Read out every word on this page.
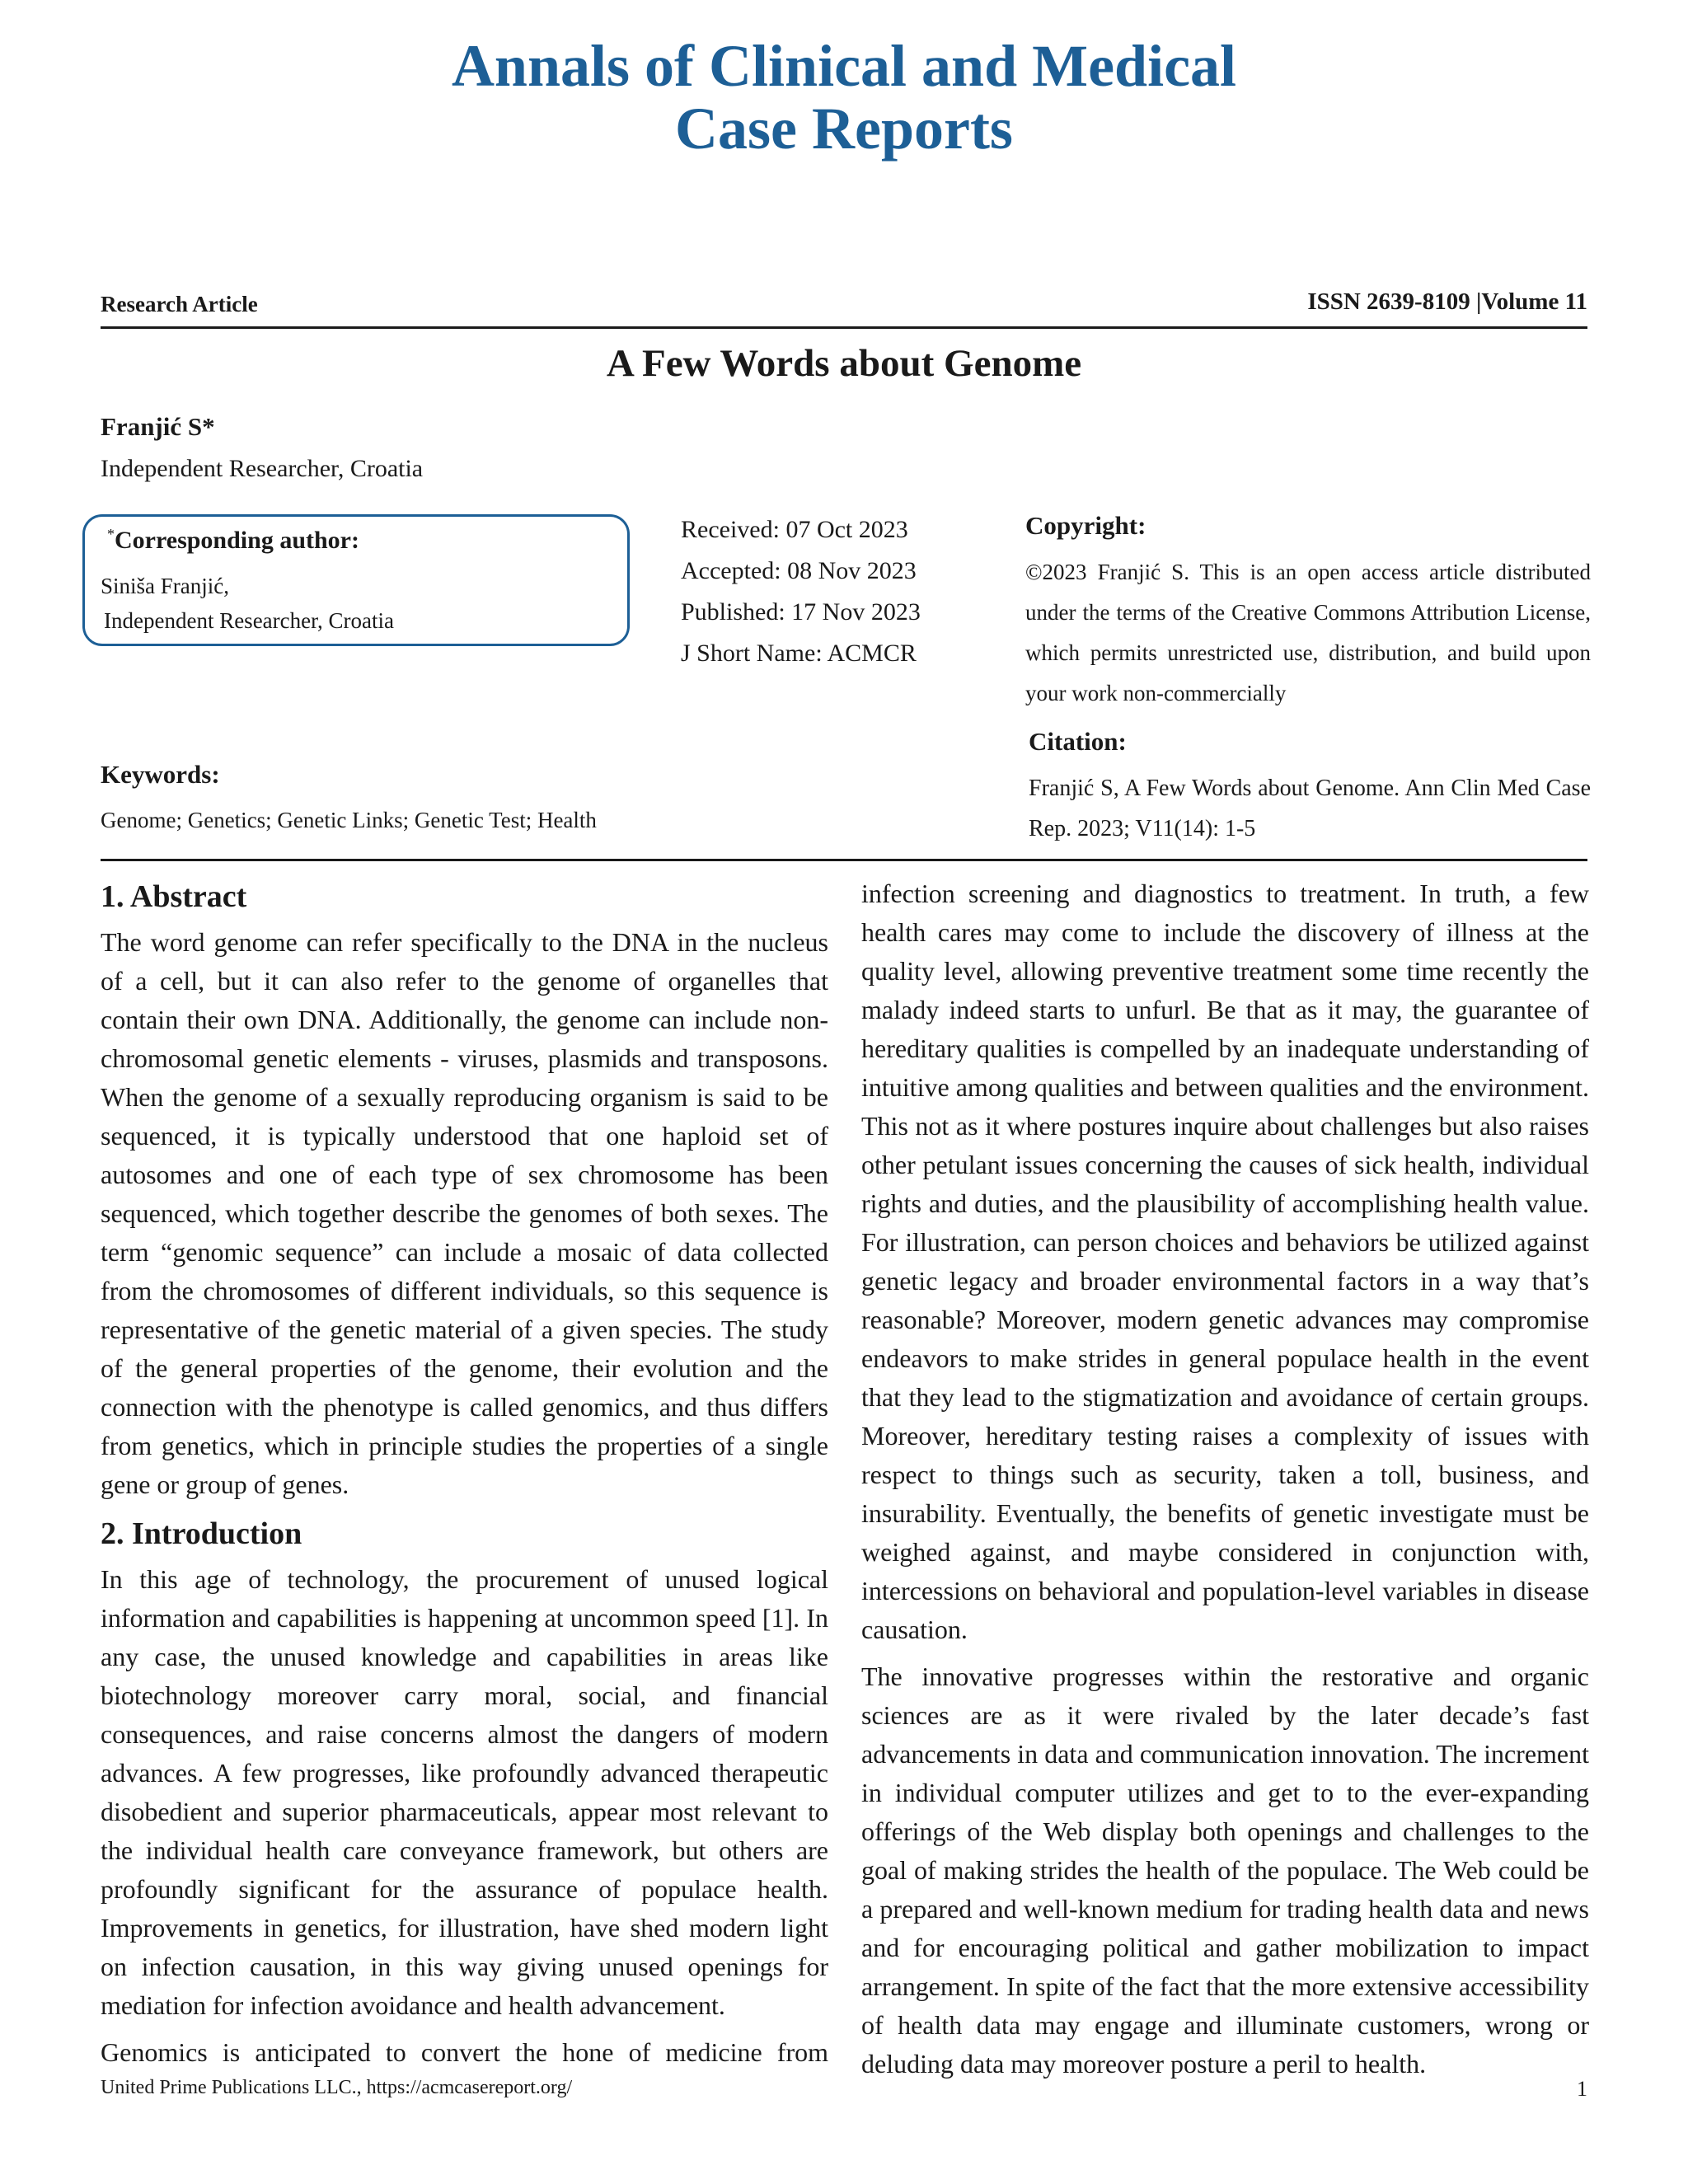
Annals of Clinical and Medical
Case Reports
Research Article	ISSN 2639-8109 |Volume 11
A Few Words about Genome
Franjić S*
Independent Researcher, Croatia
*Corresponding author:
Siniša Franjić,
Independent Researcher, Croatia
Received: 07 Oct 2023
Accepted: 08 Nov 2023
Published: 17 Nov 2023
J Short Name: ACMCR
Copyright:
©2023 Franjić S. This is an open access article distributed under the terms of the Creative Commons Attribution License, which permits unrestricted use, distribution, and build upon your work non-commercially
Citation:
Franjić S, A Few Words about Genome. Ann Clin Med Case Rep. 2023; V11(14): 1-5
Keywords:
Genome; Genetics; Genetic Links; Genetic Test; Health
1. Abstract

The word genome can refer specifically to the DNA in the nucleus of a cell, but it can also refer to the genome of organelles that contain their own DNA. Additionally, the genome can include non-chromosomal genetic elements - viruses, plasmids and transposons. When the genome of a sexually reproducing organism is said to be sequenced, it is typically understood that one haploid set of autosomes and one of each type of sex chromosome has been sequenced, which together describe the genomes of both sexes. The term “genomic sequence” can include a mosaic of data collected from the chromosomes of different individuals, so this sequence is representative of the genetic material of a given species. The study of the general properties of the genome, their evolution and the connection with the phenotype is called genomics, and thus differs from genetics, which in principle studies the properties of a single gene or group of genes.

2. Introduction

In this age of technology, the procurement of unused logical information and capabilities is happening at uncommon speed [1]. In any case, the unused knowledge and capabilities in areas like biotechnology moreover carry moral, social, and financial consequences, and raise concerns almost the dangers of modern advances. A few progresses, like profoundly advanced therapeutic disobedient and superior pharmaceuticals, appear most relevant to the individual health care conveyance framework, but others are profoundly significant for the assurance of populace health. Improvements in genetics, for illustration, have shed modern light on infection causation, in this way giving unused openings for mediation for infection avoidance and health advancement.

Genomics is anticipated to convert the hone of medicine from

infection screening and diagnostics to treatment. In truth, a few health cares may come to include the discovery of illness at the quality level, allowing preventive treatment some time recently the malady indeed starts to unfurl. Be that as it may, the guarantee of hereditary qualities is compelled by an inadequate understanding of intuitive among qualities and between qualities and the environment. This not as it where postures inquire about challenges but also raises other petulant issues concerning the causes of sick health, individual rights and duties, and the plausibility of accomplishing health value. For illustration, can person choices and behaviors be utilized against genetic legacy and broader environmental factors in a way that’s reasonable? Moreover, modern genetic advances may compromise endeavors to make strides in general populace health in the event that they lead to the stigmatization and avoidance of certain groups. Moreover, hereditary testing raises a complexity of issues with respect to things such as security, taken a toll, business, and insurability. Eventually, the benefits of genetic investigate must be weighed against, and maybe considered in conjunction with, intercessions on behavioral and population-level variables in disease causation.

The innovative progresses within the restorative and organic sciences are as it were rivaled by the later decade’s fast advancements in data and communication innovation. The increment in individual computer utilizes and get to to the ever-expanding offerings of the Web display both openings and challenges to the goal of making strides the health of the populace. The Web could be a prepared and well-known medium for trading health data and news and for encouraging political and gather mobilization to impact arrangement. In spite of the fact that the more extensive accessibility of health data may engage and illuminate customers, wrong or deluding data may moreover posture a peril to health.

United Prime Publications LLC., https://acmcasereport.org/	1
